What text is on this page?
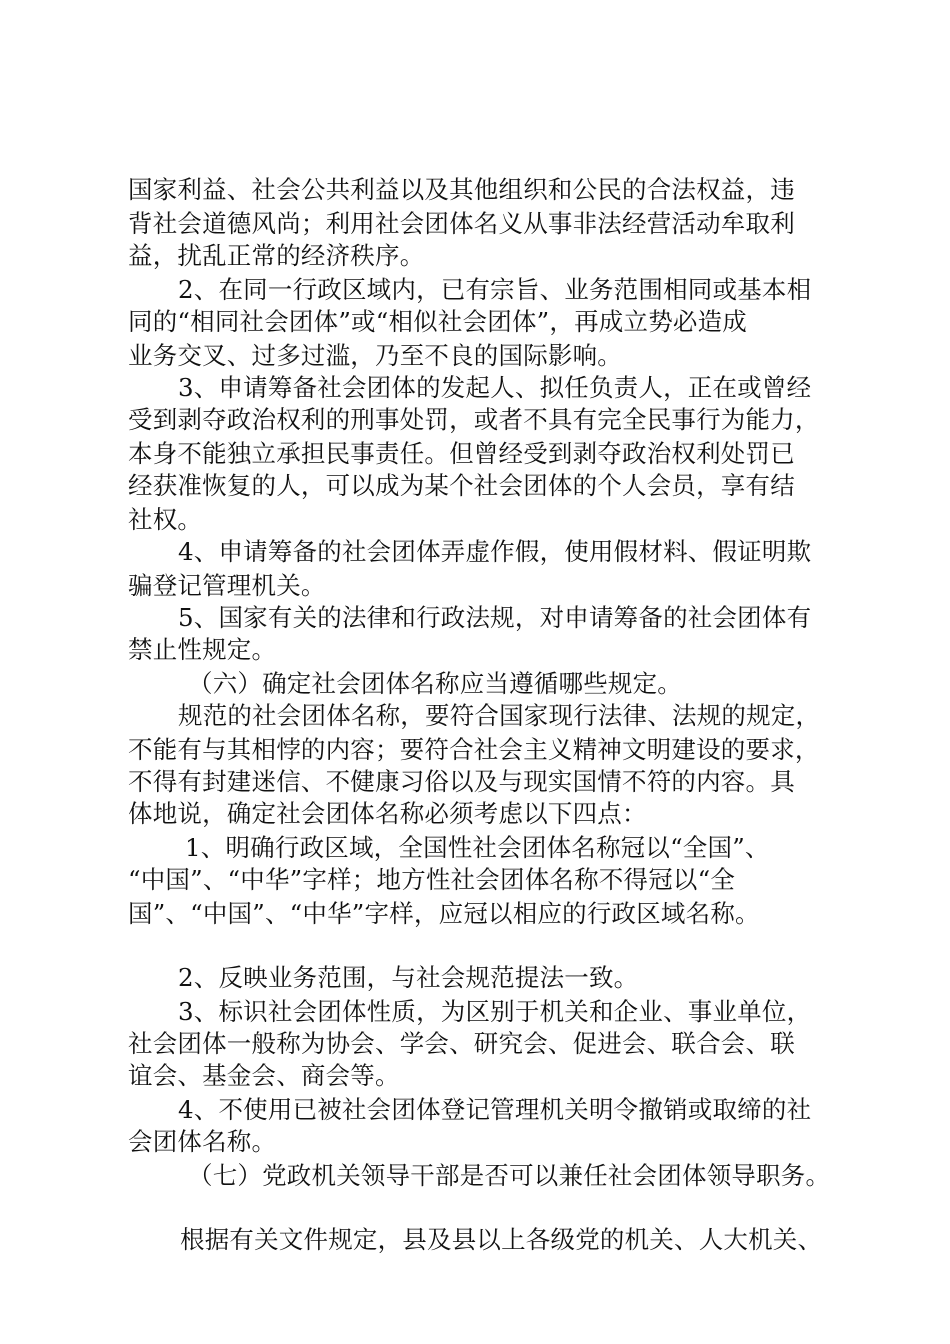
国家利益、社会公共利益以及其他组织和公民的合法权益，违
背社会道德风尚；利用社会团体名义从事非法经营活动牟取利
益，扰乱正常的经济秩序。
2、在同一行政区域内，已有宗旨、业务范围相同或基本相
同的“相同社会团体”或“相似社会团体”，再成立势必造成
业务交叉、过多过滥，乃至不良的国际影响。
3、申请筹备社会团体的发起人、拟任负责人，正在或曾经
受到剥夺政治权利的刑事处罚，或者不具有完全民事行为能力，
本身不能独立承担民事责任。但曾经受到剥夺政治权利处罚已
经获准恢复的人，可以成为某个社会团体的个人会员，享有结
社权。
4、申请筹备的社会团体弄虚作假，使用假材料、假证明欺
骗登记管理机关。
5、国家有关的法律和行政法规，对申请筹备的社会团体有
禁止性规定。
（六）确定社会团体名称应当遵循哪些规定。
规范的社会团体名称，要符合国家现行法律、法规的规定，
不能有与其相悖的内容；要符合社会主义精神文明建设的要求，
不得有封建迷信、不健康习俗以及与现实国情不符的内容。具
体地说，确定社会团体名称必须考虑以下四点：
1、明确行政区域，全国性社会团体名称冠以“全国”、
“中国”、“中华”字样；地方性社会团体名称不得冠以“全
国”、“中国”、“中华”字样，应冠以相应的行政区域名称。
2、反映业务范围，与社会规范提法一致。
3、标识社会团体性质，为区别于机关和企业、事业单位，
社会团体一般称为协会、学会、研究会、促进会、联合会、联
谊会、基金会、商会等。
4、不使用已被社会团体登记管理机关明令撤销或取缔的社
会团体名称。
（七）党政机关领导干部是否可以兼任社会团体领导职务。
根据有关文件规定，县及县以上各级党的机关、人大机关、
